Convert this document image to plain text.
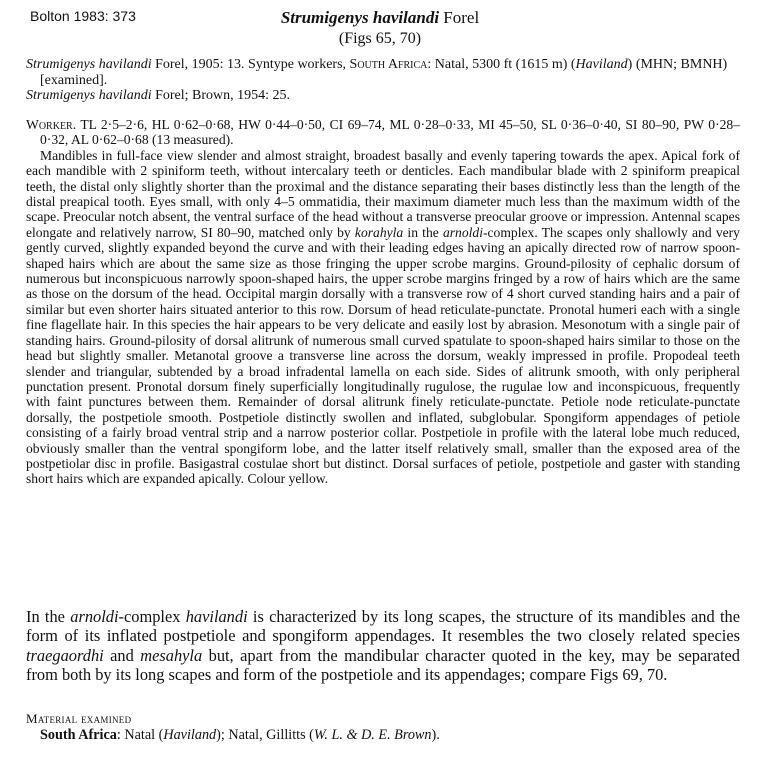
Bolton 1983: 373	Strumigenys havilandi Forel
(Figs 65, 70)

Strumigenys havilandi Forel, 1905: 13. Syntype workers, South Africa: Natal, 5300 ft (1615 m) (Haviland) (MHN; BMNH) [examined].

Strumigenys havilandi Forel; Brown, 1954: 25.

Worker. TL 2·5–2·6, HL 0·62–0·68, HW 0·44–0·50, CI 69–74, ML 0·28–0·33, MI 45–50, SL 0·36–0·40, SI 80–90, PW 0·28–0·32, AL 0·62–0·68 (13 measured).

Mandibles in full-face view slender and almost straight, broadest basally and evenly tapering towards the apex. Apical fork of each mandible with 2 spiniform teeth, without intercalary teeth or denticles. Each mandibular blade with 2 spiniform preapical teeth, the distal only slightly shorter than the proximal and the distance separating their bases distinctly less than the length of the distal preapical tooth. Eyes small, with only 4–5 ommatidia, their maximum diameter much less than the maximum width of the scape. Preocular notch absent, the ventral surface of the head without a transverse preocular groove or impression. Antennal scapes elongate and relatively narrow, SI 80–90, matched only by korahyla in the arnoldi-complex. The scapes only shallowly and very gently curved, slightly expanded beyond the curve and with their leading edges having an apically directed row of narrow spoon-shaped hairs which are about the same size as those fringing the upper scrobe margins. Ground-pilosity of cephalic dorsum of numerous but inconspicuous narrowly spoon-shaped hairs, the upper scrobe margins fringed by a row of hairs which are the same as those on the dorsum of the head. Occipital margin dorsally with a transverse row of 4 short curved standing hairs and a pair of similar but even shorter hairs situated anterior to this row. Dorsum of head reticulate-punctate. Pronotal humeri each with a single fine flagellate hair. In this species the hair appears to be very delicate and easily lost by abrasion. Mesonotum with a single pair of standing hairs. Ground-pilosity of dorsal alitrunk of numerous small curved spatulate to spoon-shaped hairs similar to those on the head but slightly smaller. Metanotal groove a transverse line across the dorsum, weakly impressed in profile. Propodeal teeth slender and triangular, subtended by a broad infradental lamella on each side. Sides of alitrunk smooth, with only peripheral punctation present. Pronotal dorsum finely superficially longitudinally rugulose, the rugulae low and inconspicuous, frequently with faint punctures between them. Remainder of dorsal alitrunk finely reticulate-punctate. Petiole node reticulate-punctate dorsally, the postpetiole smooth. Postpetiole distinctly swollen and inflated, subglobular. Spongiform appendages of petiole consisting of a fairly broad ventral strip and a narrow posterior collar. Postpetiole in profile with the lateral lobe much reduced, obviously smaller than the ventral spongiform lobe, and the latter itself relatively small, smaller than the exposed area of the postpetiolar disc in profile. Basigastral costulae short but distinct. Dorsal surfaces of petiole, postpetiole and gaster with standing short hairs which are expanded apically. Colour yellow.

In the arnoldi-complex havilandi is characterized by its long scapes, the structure of its mandibles and the form of its inflated postpetiole and spongiform appendages. It resembles the two closely related species traegaordhi and mesahyla but, apart from the mandibular character quoted in the key, may be separated from both by its long scapes and form of the postpetiole and its appendages; compare Figs 69, 70.

Material examined
South Africa: Natal (Haviland); Natal, Gillitts (W. L. & D. E. Brown).
